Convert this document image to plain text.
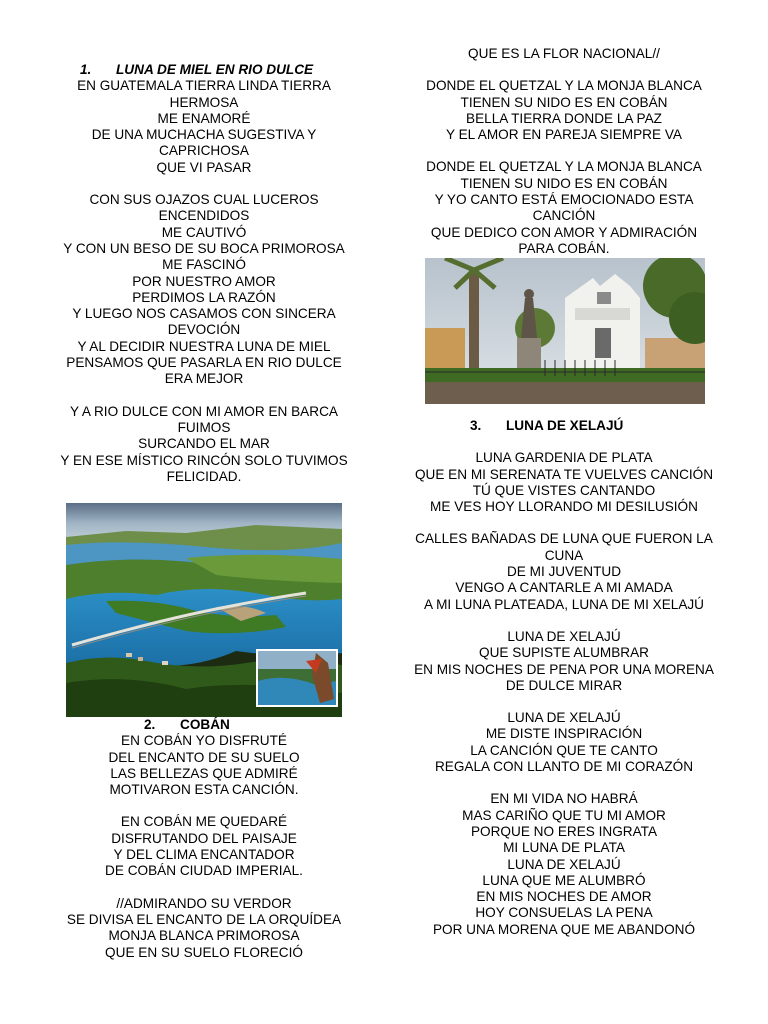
1. LUNA DE MIEL EN RIO DULCE
EN GUATEMALA TIERRA LINDA TIERRA HERMOSA
ME ENAMORÉ
DE UNA MUCHACHA SUGESTIVA Y CAPRICHOSA
QUE VI PASAR
CON SUS OJAZOS CUAL LUCEROS ENCENDIDOS
ME CAUTIVÓ
Y CON UN BESO DE SU BOCA PRIMOROSA
ME FASCINÓ
POR NUESTRO AMOR
PERDIMOS LA RAZÓN
Y LUEGO NOS CASAMOS CON SINCERA DEVOCIÓN
Y AL DECIDIR NUESTRA LUNA DE MIEL
PENSAMOS QUE PASARLA EN RIO DULCE ERA MEJOR
Y A RIO DULCE CON MI AMOR EN BARCA FUIMOS
SURCANDO EL MAR
Y EN ESE MÍSTICO RINCÓN SOLO TUVIMOS FELICIDAD.
2. COBÁN
EN COBÁN YO DISFRUTÉ
DEL ENCANTO DE SU SUELO
LAS BELLEZAS QUE ADMIRÉ
MOTIVARON ESTA CANCIÓN.
EN COBÁN ME QUEDARÉ
DISFRUTANDO DEL PAISAJE
Y DEL CLIMA ENCANTADOR
DE COBÁN CIUDAD IMPERIAL.
//ADMIRANDO SU VERDOR
SE DIVISA EL ENCANTO DE LA ORQUÍDEA
MONJA BLANCA PRIMOROSA
QUE EN SU SUELO FLORECIÓ
QUE ES LA FLOR NACIONAL//
DONDE EL QUETZAL Y LA MONJA BLANCA
TIENEN SU NIDO ES EN COBÁN
BELLA TIERRA DONDE LA PAZ
Y EL AMOR EN PAREJA SIEMPRE VA
DONDE EL QUETZAL Y LA MONJA BLANCA
TIENEN SU NIDO ES EN COBÁN
Y YO CANTO ESTÁ EMOCIONADO ESTA CANCIÓN
QUE DEDICO CON AMOR Y ADMIRACIÓN
PARA COBÁN.
3. LUNA DE XELAJÚ
LUNA GARDENIA DE PLATA
QUE EN MI SERENATA TE VUELVES CANCIÓN
TÚ QUE VISTES CANTANDO
ME VES HOY LLORANDO MI DESILUSIÓN
CALLES BAÑADAS DE LUNA QUE FUERON LA CUNA
DE MI JUVENTUD
VENGO A CANTARLE A MI AMADA
A MI LUNA PLATEADA, LUNA DE MI XELAJÚ
LUNA DE XELAJÚ
QUE SUPISTE ALUMBRAR
EN MIS NOCHES DE PENA POR UNA MORENA
DE DULCE MIRAR
LUNA DE XELAJÚ
ME DISTE INSPIRACIÓN
LA CANCIÓN QUE TE CANTO
REGALA CON LLANTO DE MI CORAZÓN
EN MI VIDA NO HABRÁ
MAS CARIÑO QUE TU MI AMOR
PORQUE NO ERES INGRATA
MI LUNA DE PLATA
LUNA DE XELAJÚ
LUNA QUE ME ALUMBRÓ
EN MIS NOCHES DE AMOR
HOY CONSUELAS LA PENA
POR UNA MORENA QUE ME ABANDONÓ
